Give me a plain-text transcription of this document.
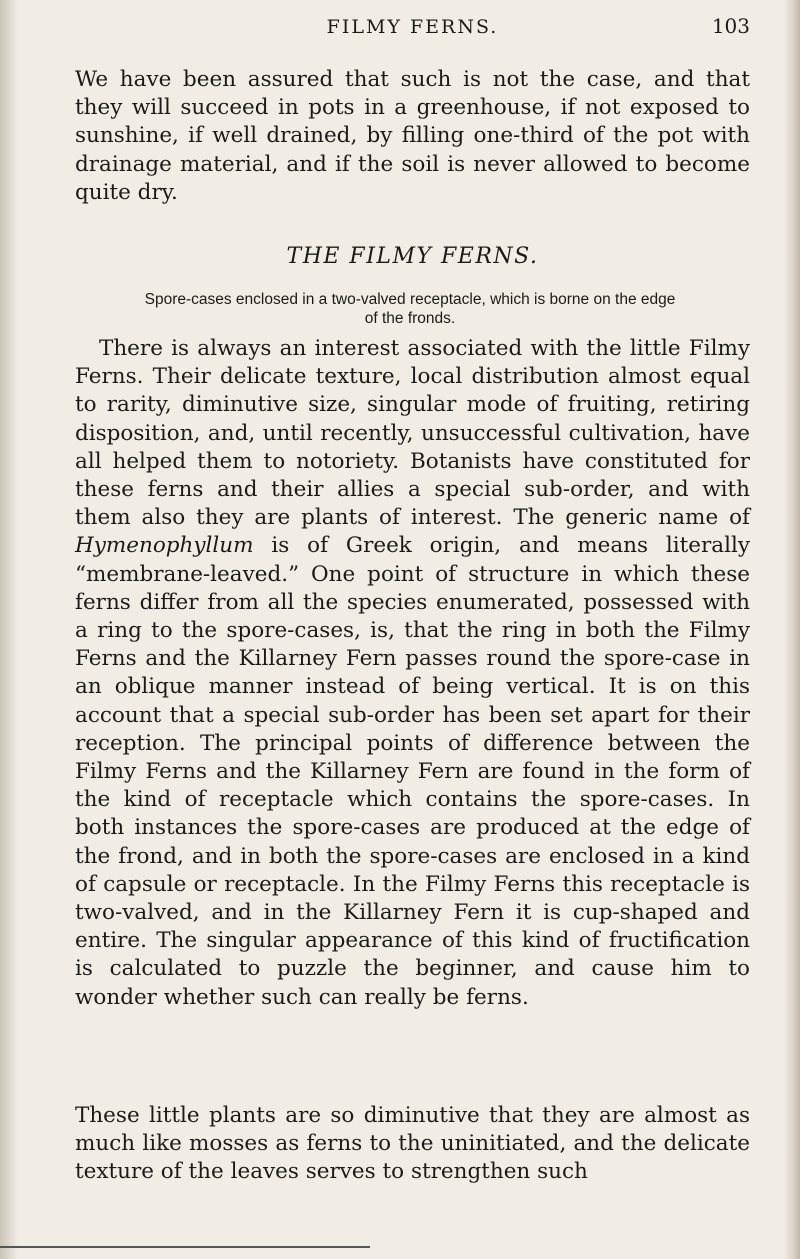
FILMY FERNS.	103

We have been assured that such is not the case, and that they will succeed in pots in a greenhouse, if not exposed to sunshine, if well drained, by filling one-third of the pot with drainage material, and if the soil is never allowed to become quite dry.

THE FILMY FERNS.

Spore-cases enclosed in a two-valved receptacle, which is borne on the edge of the fronds.

There is always an interest associated with the little Filmy Ferns. Their delicate texture, local distribution almost equal to rarity, diminutive size, singular mode of fruiting, retiring disposition, and, until recently, unsuccessful cultivation, have all helped them to notoriety. Botanists have constituted for these ferns and their allies a special sub-order, and with them also they are plants of interest. The generic name of Hymenophyllum is of Greek origin, and means literally “membrane-leaved.” One point of structure in which these ferns differ from all the species enumerated, possessed with a ring to the spore-cases, is, that the ring in both the Filmy Ferns and the Killarney Fern passes round the spore-case in an oblique manner instead of being vertical. It is on this account that a special sub-order has been set apart for their reception. The principal points of difference between the Filmy Ferns and the Killarney Fern are found in the form of the kind of receptacle which contains the spore-cases. In both instances the spore-cases are produced at the edge of the frond, and in both the spore-cases are enclosed in a kind of capsule or receptacle. In the Filmy Ferns this receptacle is two-valved, and in the Killarney Fern it is cup-shaped and entire. The singular appearance of this kind of fructification is calculated to puzzle the beginner, and cause him to wonder whether such can really be ferns.

These little plants are so diminutive that they are almost as much like mosses as ferns to the uninitiated, and the delicate texture of the leaves serves to strengthen such
